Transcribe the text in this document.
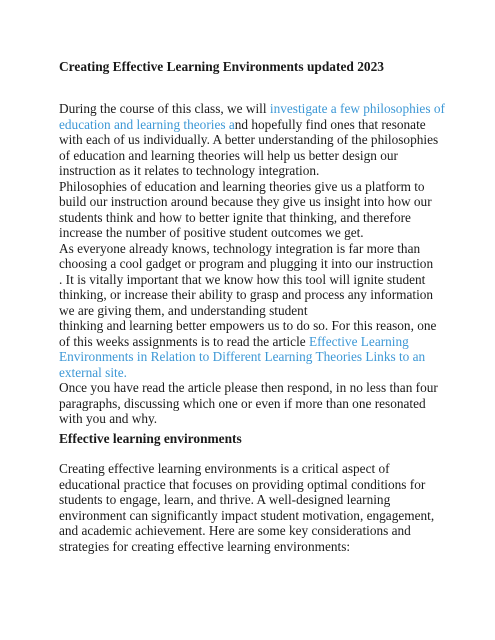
Creating Effective Learning Environments updated 2023
During the course of this class, we will investigate a few philosophies of
education and learning theories and hopefully find ones that resonate
with each of us individually. A better understanding of the philosophies
of education and learning theories will help us better design our
instruction as it relates to technology integration.
Philosophies of education and learning theories give us a platform to
build our instruction around because they give us insight into how our
students think and how to better ignite that thinking, and therefore
increase the number of positive student outcomes we get.
As everyone already knows, technology integration is far more than
choosing a cool gadget or program and plugging it into our instruction
. It is vitally important that we know how this tool will ignite student
thinking, or increase their ability to grasp and process any information
we are giving them, and understanding student
thinking and learning better empowers us to do so. For this reason, one
of this weeks assignments is to read the article Effective Learning
Environments in Relation to Different Learning Theories Links to an
external site.
Once you have read the article please then respond, in no less than four
paragraphs, discussing which one or even if more than one resonated
with you and why.
Effective learning environments
Creating effective learning environments is a critical aspect of
educational practice that focuses on providing optimal conditions for
students to engage, learn, and thrive. A well-designed learning
environment can significantly impact student motivation, engagement,
and academic achievement. Here are some key considerations and
strategies for creating effective learning environments:
